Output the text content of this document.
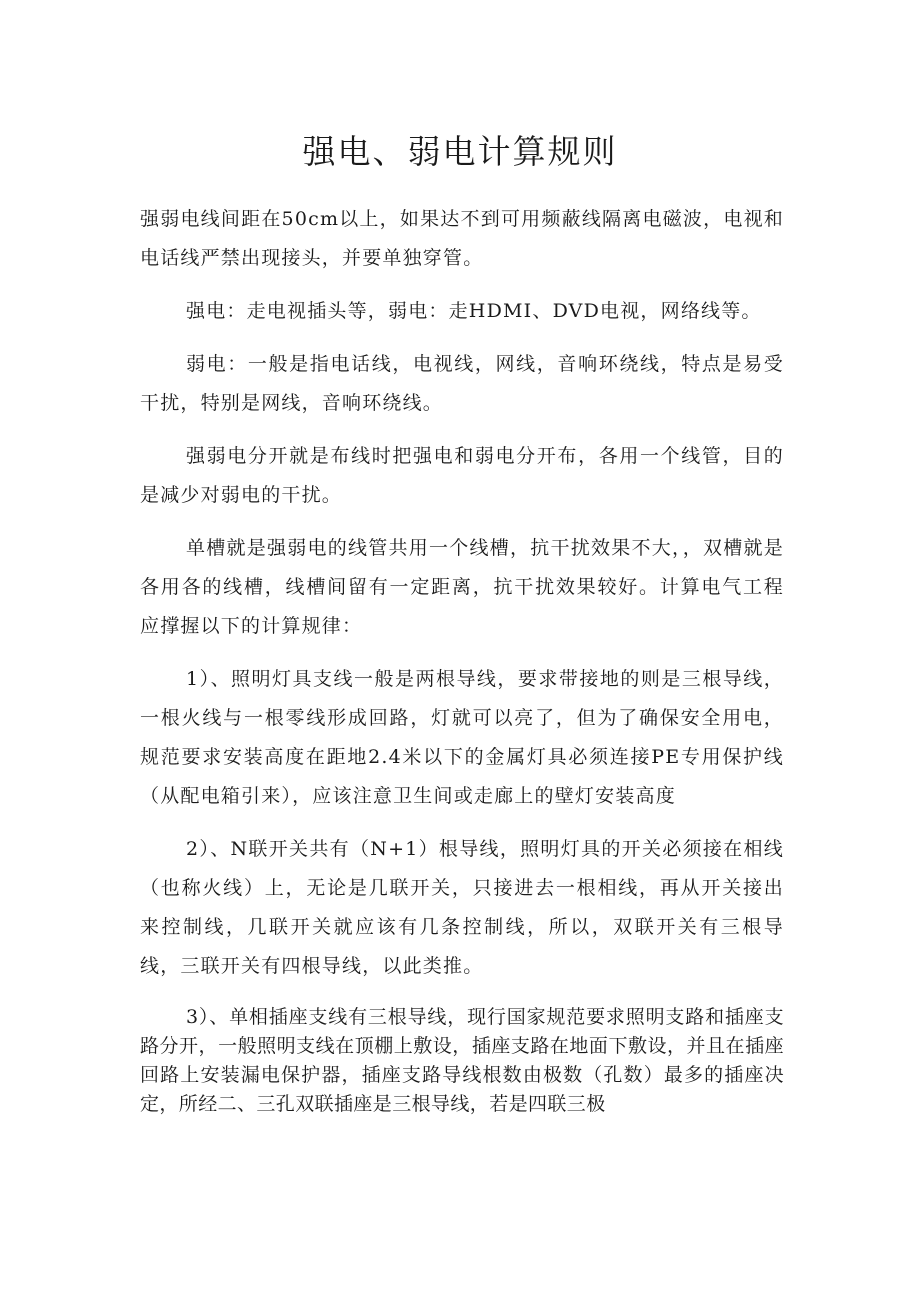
强电、弱电计算规则

强弱电线间距在50cm以上，如果达不到可用频蔽线隔离电磁波，电视和电话线严禁出现接头，并要单独穿管。

强电：走电视插头等，弱电：走HDMI、DVD电视，网络线等。

弱电：一般是指电话线，电视线，网线，音响环绕线，特点是易受干扰，特别是网线，音响环绕线。

强弱电分开就是布线时把强电和弱电分开布，各用一个线管，目的是减少对弱电的干扰。

单槽就是强弱电的线管共用一个线槽，抗干扰效果不大，，双槽就是各用各的线槽，线槽间留有一定距离，抗干扰效果较好。计算电气工程应撑握以下的计算规律：

1）、照明灯具支线一般是两根导线，要求带接地的则是三根导线，一根火线与一根零线形成回路，灯就可以亮了，但为了确保安全用电，规范要求安装高度在距地2.4米以下的金属灯具必须连接PE专用保护线（从配电箱引来），应该注意卫生间或走廊上的壁灯安装高度

2）、N联开关共有（N+1）根导线，照明灯具的开关必须接在相线（也称火线）上，无论是几联开关，只接进去一根相线，再从开关接出来控制线，几联开关就应该有几条控制线，所以，双联开关有三根导线，三联开关有四根导线，以此类推。

3）、单相插座支线有三根导线，现行国家规范要求照明支路和插座支路分开，一般照明支线在顶棚上敷设，插座支路在地面下敷设，并且在插座回路上安装漏电保护器，插座支路导线根数由极数（孔数）最多的插座决定，所经二、三孔双联插座是三根导线，若是四联三极
